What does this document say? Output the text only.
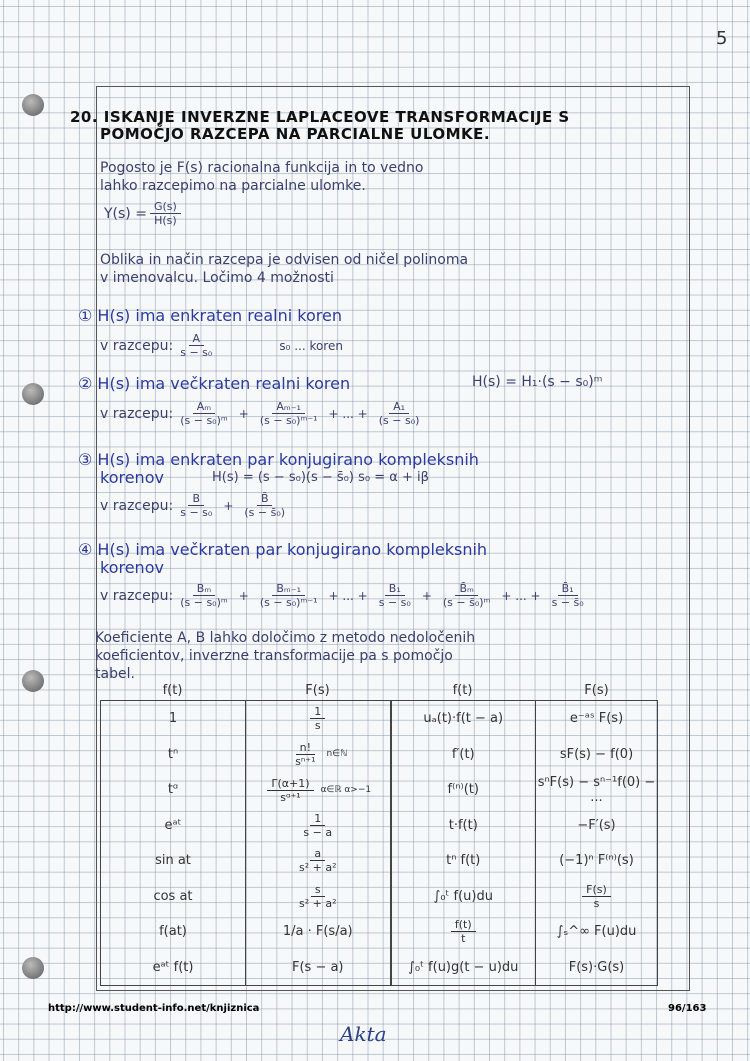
5
20. ISKANJE INVERZNE LAPLACEOVE TRANSFORMACIJE S
POMOČJO RAZCEPA NA PARCIALNE ULOMKE.
Pogosto je F(s) racionalna funkcija in to vedno
lahko razcepimo na parcialne ulomke.
$Y(s) = \frac{G(s)}{H(s)}$
Oblika in način razcepa je odvisen od ničel polinoma
v imenovalcu. Ločimo 4 možnosti
① H(s) ima enkraten realni koren
v razcepu: $\frac{A}{\text{s − s₀}}$	s₀ ... koren
② H(s) ima večkraten realni koren	H(s) = H₁·(s − s₀)ᵐ
v razcepu: $\frac{\text{Aₘ}}{\text{(s − s₀)ᵐ}} + \frac{\text{Aₘ₋₁}}{\text{(s − s₀)ᵐ⁻¹}}$ + ... + $\frac{\text{A₁}}{\text{(s − s₀)}}$
③ H(s) ima enkraten par konjugirano kompleksnih
korenov	H(s) = (s − s₀)(s − s̄₀) s₀ = α + iβ
v razcepu: $\frac{B}{\text{s − s₀}} + \frac{B̄}{\text{(s − s̄₀)}}$
④ H(s) ima večkraten par konjugirano kompleksnih
korenov
v razcepu: $\frac{\text{Bₘ}}{\text{(s − s₀)ᵐ}} + \frac{\text{Bₘ₋₁}}{\text{(s − s₀)ᵐ⁻¹}}$ + ... + $\frac{\text{B₁}}{\text{s − s₀}} + \frac{\text{B̄ₘ}}{\text{(s − s̄₀)ᵐ}}$ + ... + $\frac{\text{B̄₁}}{\text{s − s̄₀}}$
Koeficiente A, B lahko določimo z metodo nedoločenih
koeficientov, inverzne transformacije pa s pomočjo
tabel.
f(t)	F(s)	f(t)	F(s)
1	$\frac{1}{s}$	uₐ(t)·f(t − a)	e⁻ᵃˢ F(s)
tⁿ	$\frac{n!}{\text{sⁿ⁺¹}}$ n∈ℕ	f′(t)	sF(s) − f(0)
tᵅ	$\frac{\Gamma(\alpha+1)}{\text{sᵅ⁺¹}}$ α∈ℝ α>−1	f⁽ⁿ⁾(t)	sⁿF(s) − sⁿ⁻¹f(0) − ...
eᵃᵗ	$\frac{1}{s - a}$	t·f(t)	−F′(s)
sin at	$\frac{a}{\text{s² + a²}}$	tⁿ f(t)	(−1)ⁿ F⁽ⁿ⁾(s)
cos at	$\frac{s}{\text{s² + a²}}$	∫₀ᵗ f(u)du	$\frac{F(s)}{s}$

f(at)	1/a · F(s/a)	$\frac{f(t)}{t}$	∫ₛ^∞ F(u)du
eᵃᵗ f(t)	F(s − a)	∫₀ᵗ f(u)g(t − u)du	F(s)·G(s)
http://www.student-info.net/knjiznica	96/163
Akta
